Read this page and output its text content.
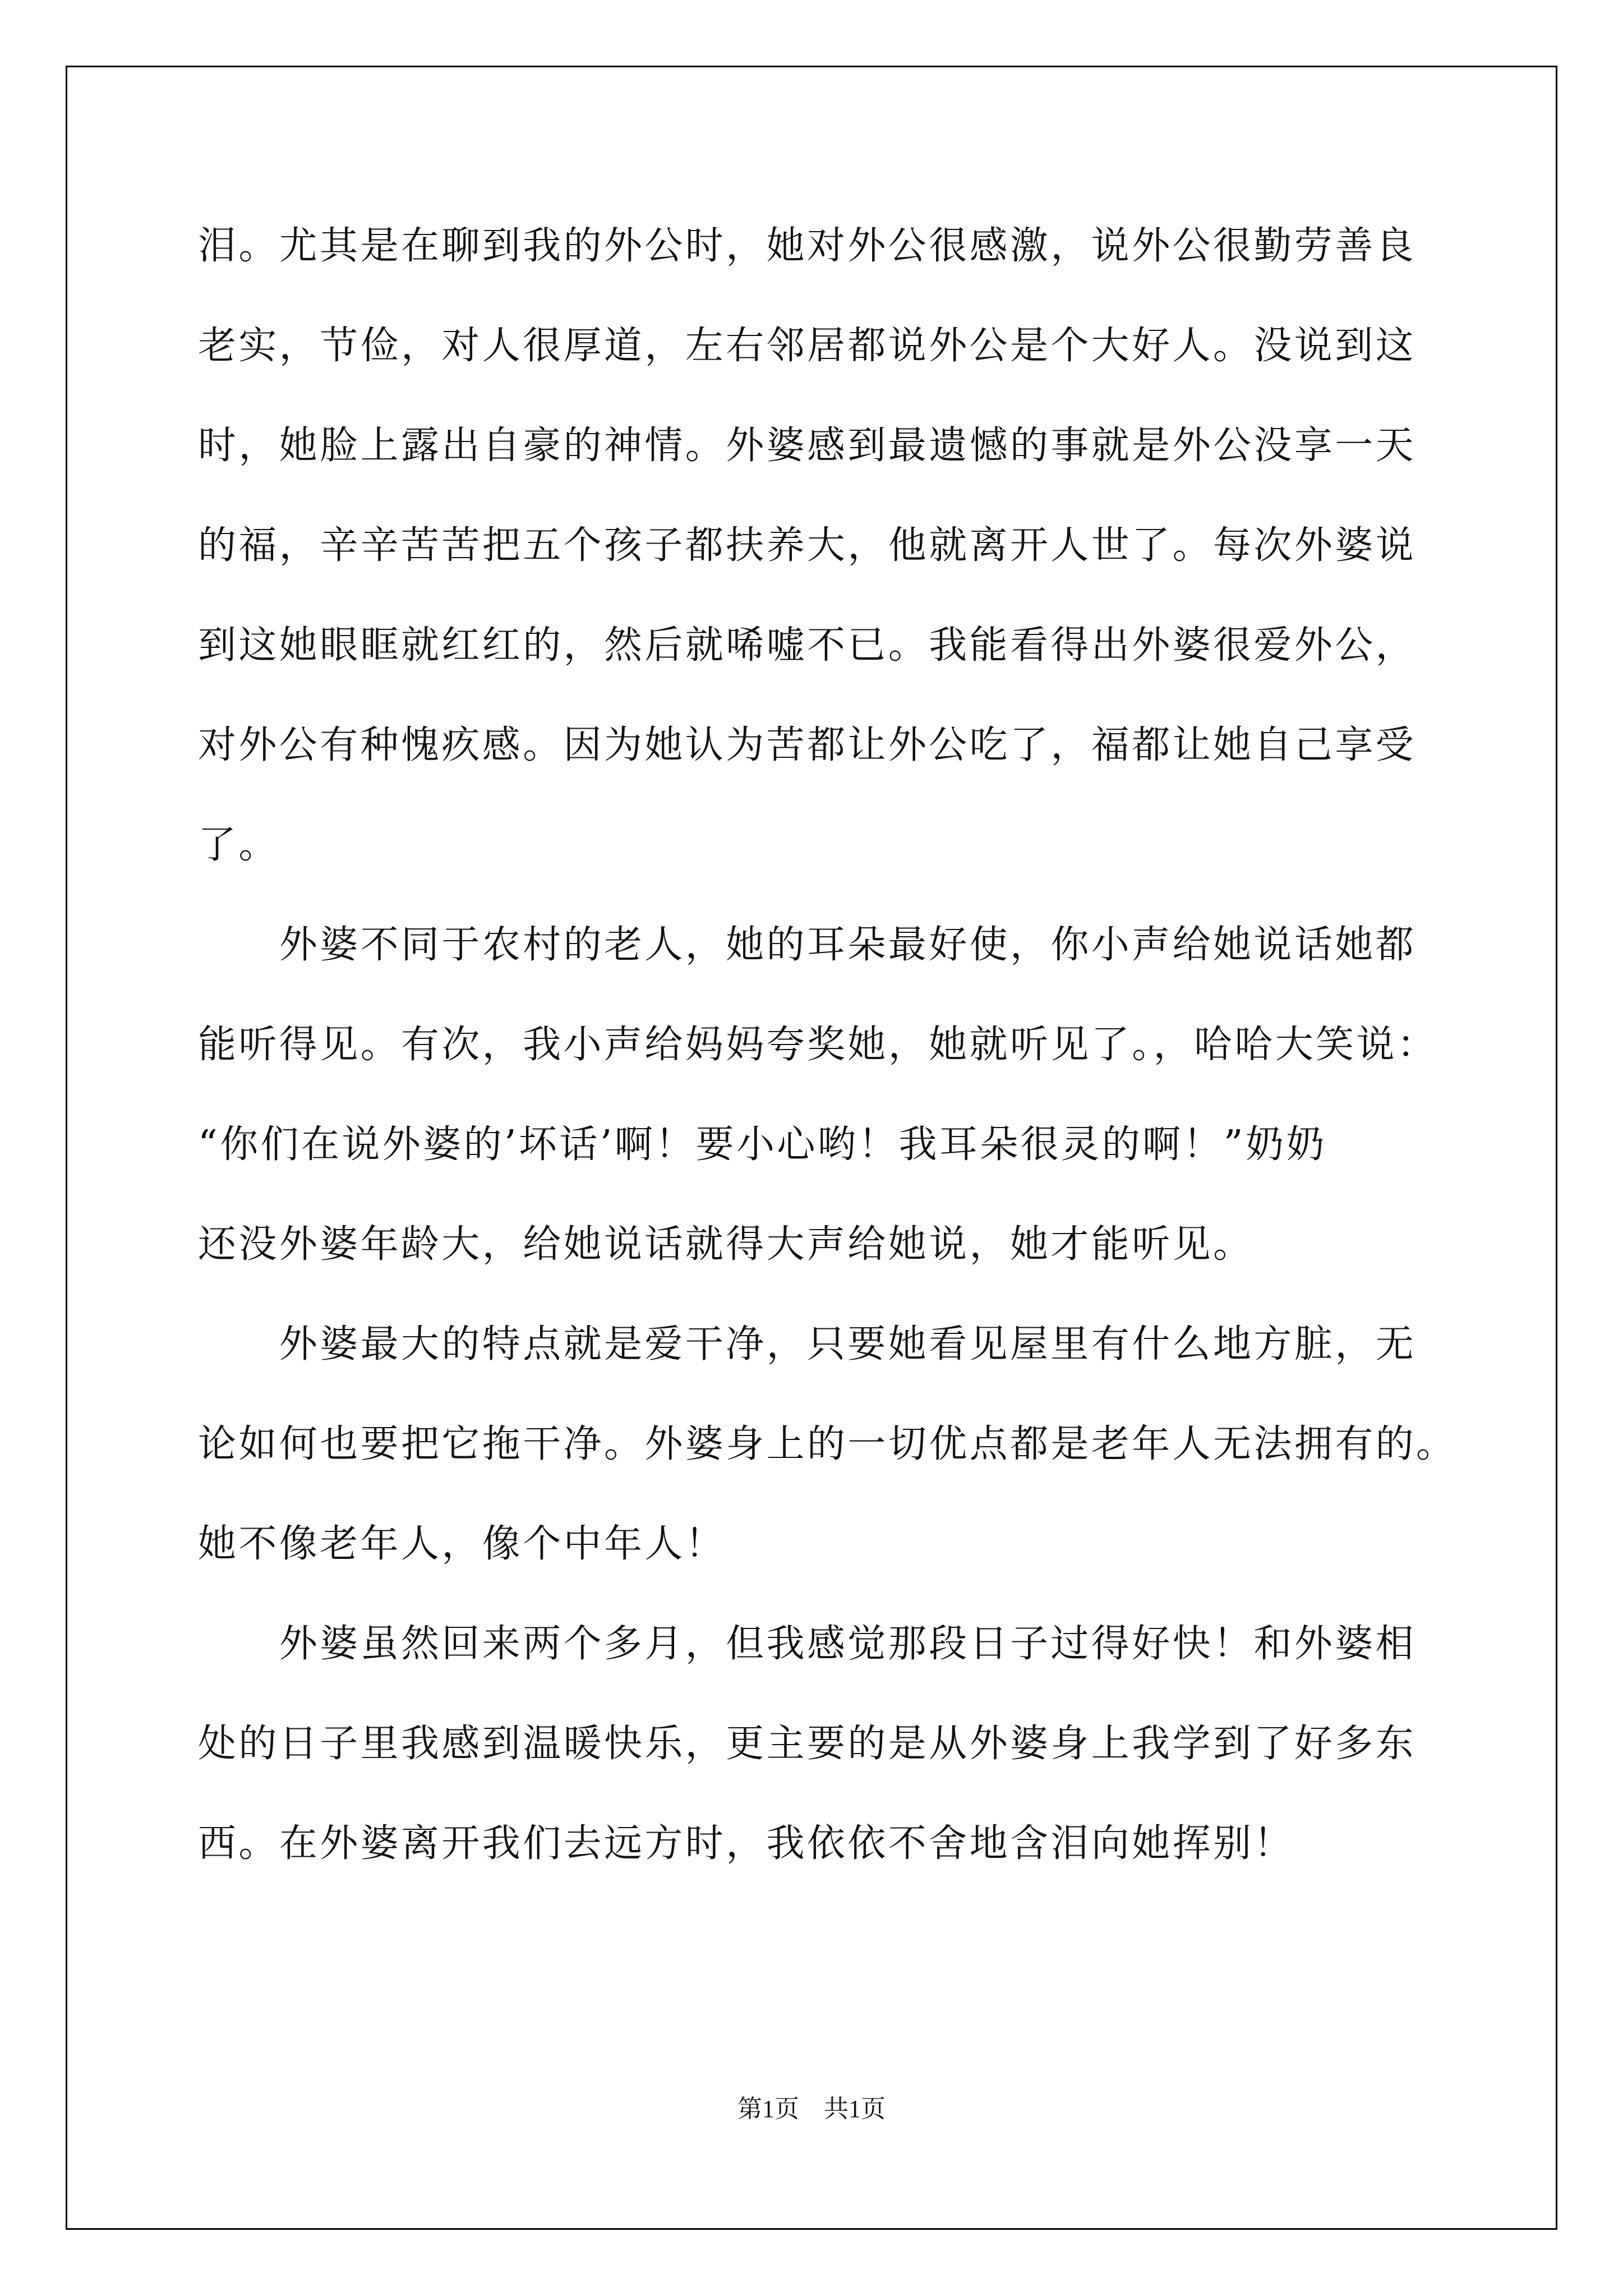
泪。尤其是在聊到我的外公时，她对外公很感激，说外公很勤劳善良
老实，节俭，对人很厚道，左右邻居都说外公是个大好人。没说到这
时，她脸上露出自豪的神情。外婆感到最遗憾的事就是外公没享一天
的福，辛辛苦苦把五个孩子都扶养大，他就离开人世了。每次外婆说
到这她眼眶就红红的，然后就唏嘘不已。我能看得出外婆很爱外公，
对外公有种愧疚感。因为她认为苦都让外公吃了，福都让她自己享受
了。
　　外婆不同于农村的老人，她的耳朵最好使，你小声给她说话她都
能听得见。有次，我小声给妈妈夸奖她，她就听见了。，哈哈大笑说：
“你们在说外婆的’坏话’啊！要小心哟！我耳朵很灵的啊！”奶奶
还没外婆年龄大，给她说话就得大声给她说，她才能听见。
　　外婆最大的特点就是爱干净，只要她看见屋里有什么地方脏，无
论如何也要把它拖干净。外婆身上的一切优点都是老年人无法拥有的。
她不像老年人，像个中年人！
　　外婆虽然回来两个多月，但我感觉那段日子过得好快！和外婆相
处的日子里我感到温暖快乐，更主要的是从外婆身上我学到了好多东
西。在外婆离开我们去远方时，我依依不舍地含泪向她挥别！
第1页　共1页
